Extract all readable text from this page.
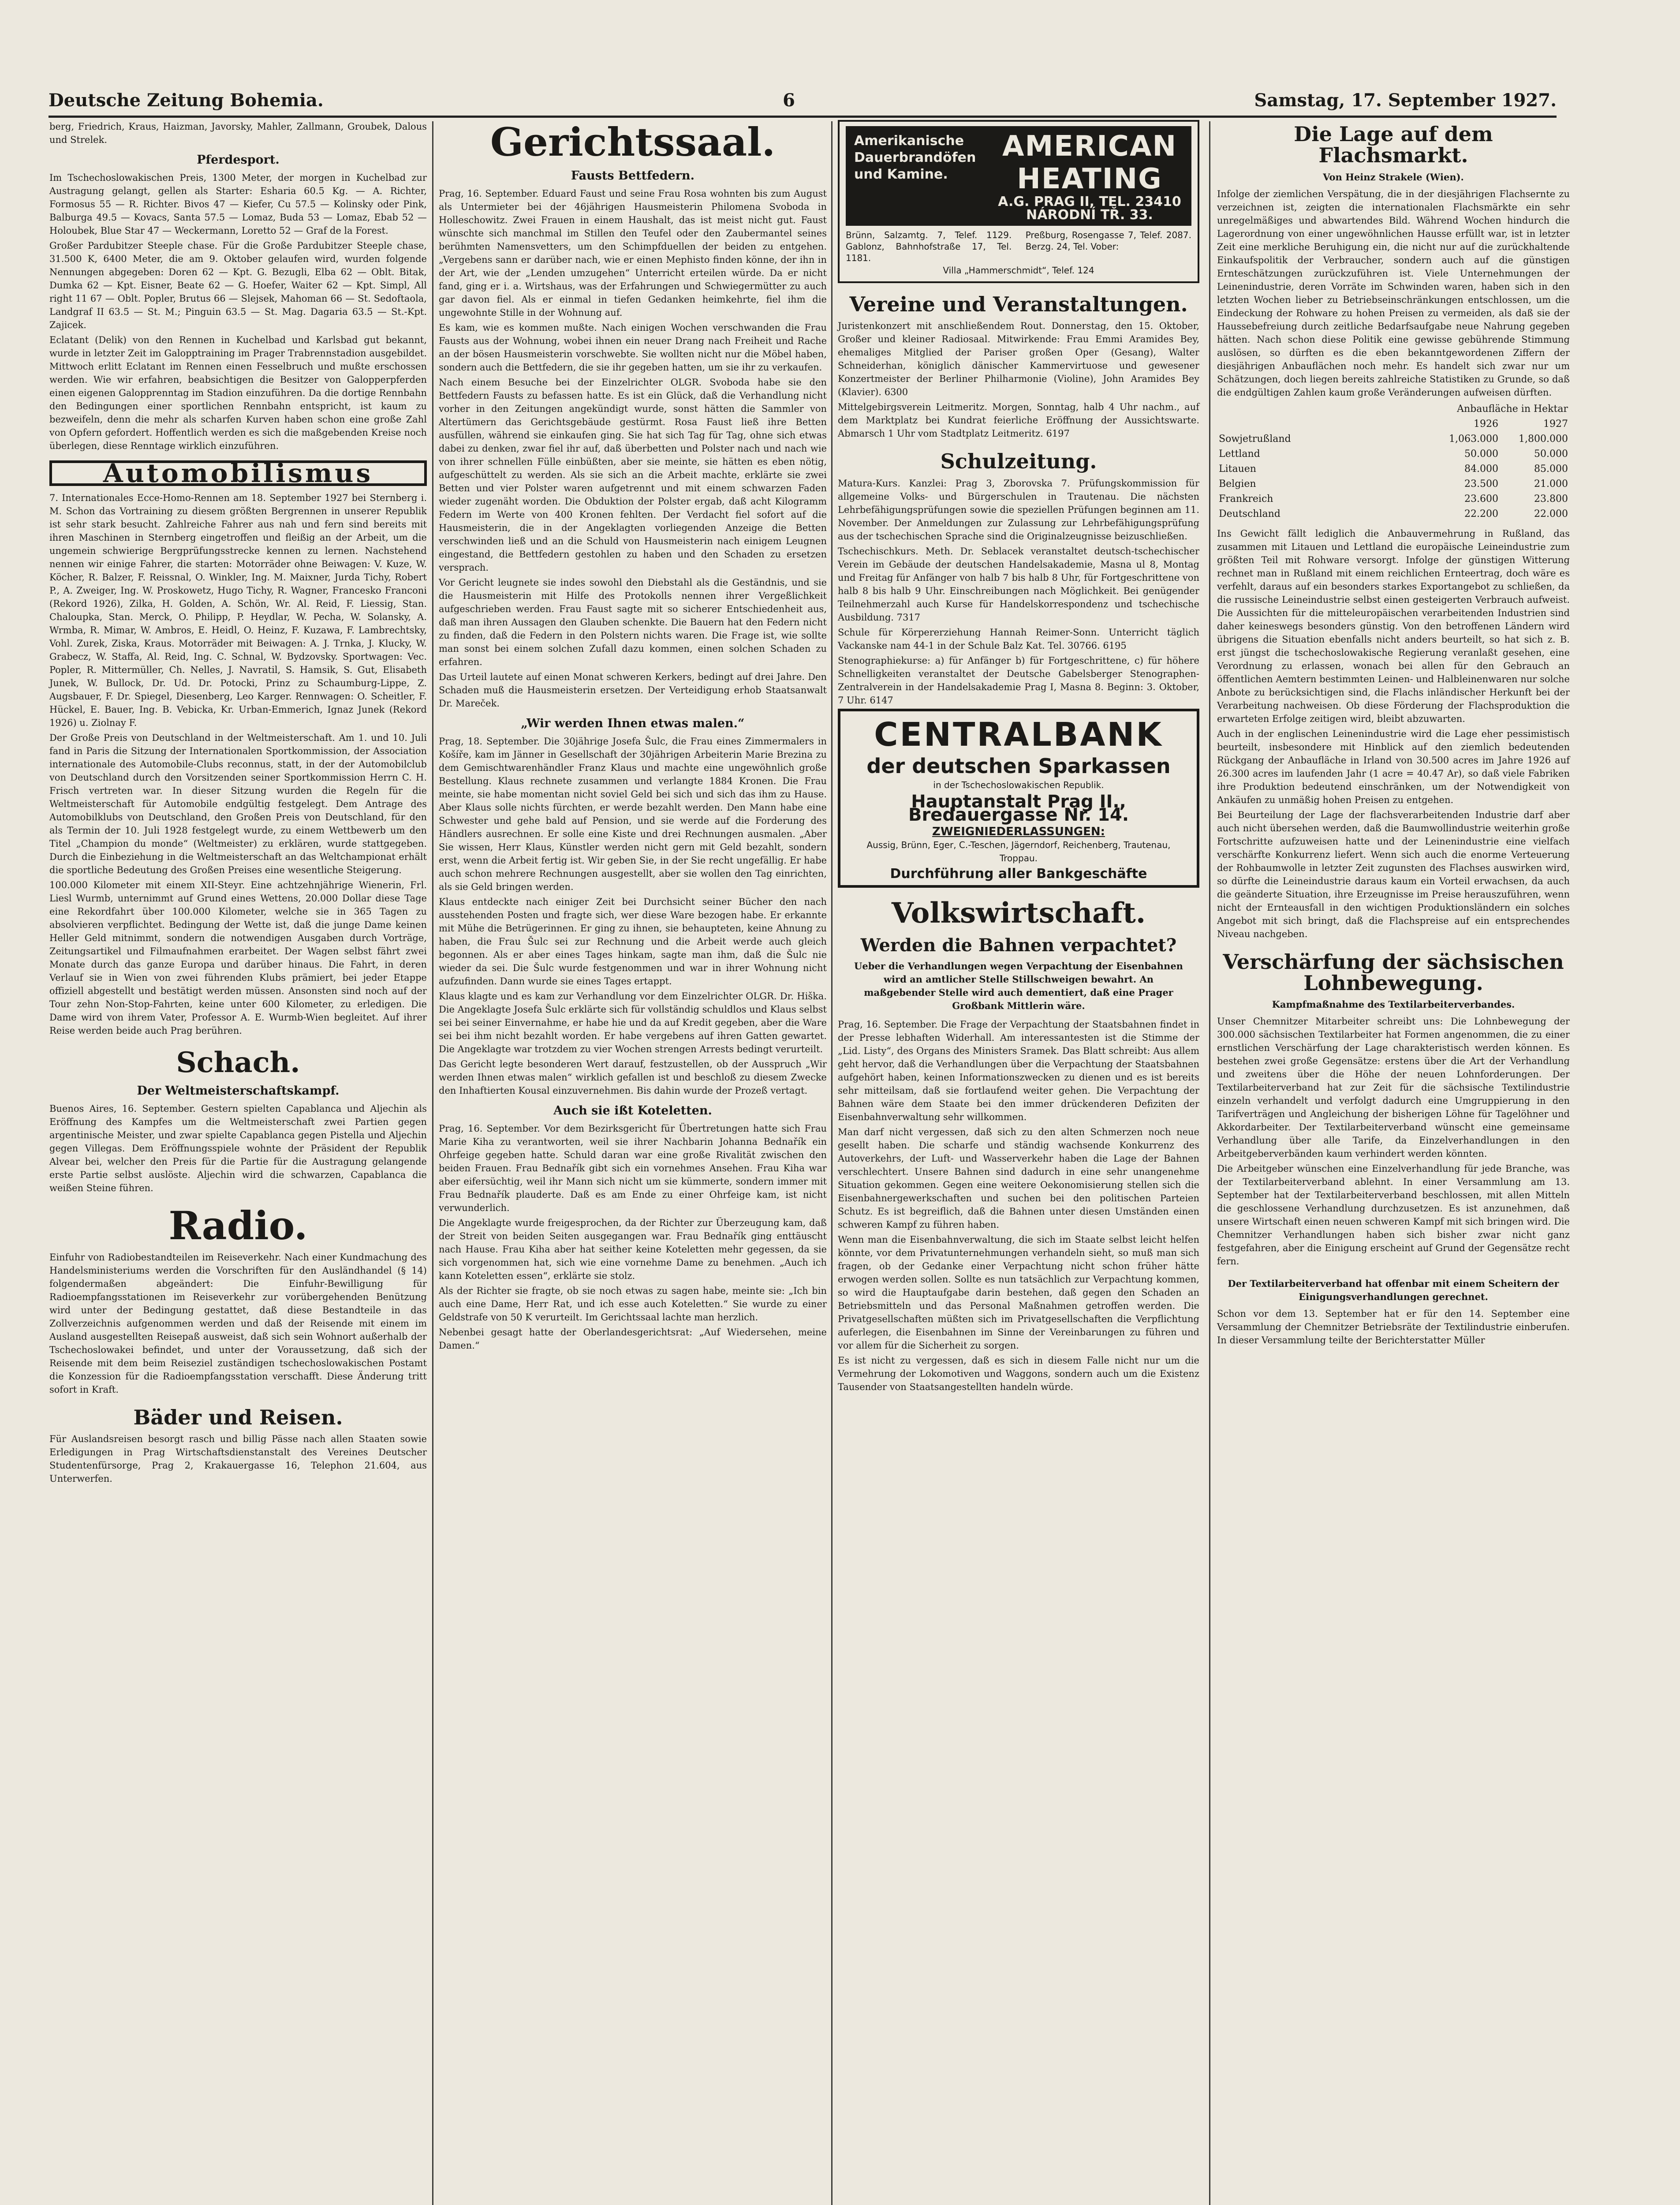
Deutsche Zeitung Bohemia.	6	Samstag, 17. September 1927.

berg, Friedrich, Kraus, Haizman, Javorsky, Mahler, Zallmann, Groubek, Dalous und Strelek.

Pferdesport.

Im Tschechoslowakischen Preis, 1300 Meter, der morgen in Kuchelbad zur Austragung gelangt, gellen als Starter: Esharia 60.5 Kg. — A. Richter, Formosus 55 — R. Richter. Bivos 47 — Kiefer, Cu 57.5 — Kolinsky oder Pink, Balburga 49.5 — Kovacs, Santa 57.5 — Lomaz, Buda 53 — Lomaz, Ebab 52 — Holoubek, Blue Star 47 — Weckermann, Loretto 52 — Graf de la Forest.

Großer Pardubitzer Steeple chase. Für die Große Pardubitzer Steeple chase, 31.500 K, 6400 Meter, die am 9. Oktober gelaufen wird, wurden folgende Nennungen abgegeben: Doren 62 — Kpt. G. Bezugli, Elba 62 — Oblt. Bitak, Dumka 62 — Kpt. Eisner, Beate 62 — G. Hoefer, Waiter 62 — Kpt. Simpl, All right 11 67 — Oblt. Popler, Brutus 66 — Slejsek, Mahoman 66 — St. Sedoftaola, Landgraf II 63.5 — St. M.; Pinguin 63.5 — St. Mag. Dagaria 63.5 — St.-Kpt. Zajicek.

Eclatant (Delik) von den Rennen in Kuchelbad und Karlsbad gut bekannt, wurde in letzter Zeit im Galopptraining im Prager Trabrennstadion ausgebildet. Mittwoch erlitt Eclatant im Rennen einen Fesselbruch und mußte erschossen werden. Wie wir erfahren, beabsichtigen die Besitzer von Galopperpferden einen eigenen Galopprenntag im Stadion einzuführen. Da die dortige Rennbahn den Bedingungen einer sportlichen Rennbahn entspricht, ist kaum zu bezweifeln, denn die mehr als scharfen Kurven haben schon eine große Zahl von Opfern gefordert. Hoffentlich werden es sich die maßgebenden Kreise noch überlegen, diese Renntage wirklich einzuführen.

Automobilismus

7. Internationales Ecce-Homo-Rennen am 18. September 1927 bei Sternberg i. M. Schon das Vortraining zu diesem größten Bergrennen in unserer Republik ist sehr stark besucht. Zahlreiche Fahrer aus nah und fern sind bereits mit ihren Maschinen in Sternberg eingetroffen und fleißig an der Arbeit, um die ungemein schwierige Bergprüfungsstrecke kennen zu lernen. Nachstehend nennen wir einige Fahrer, die starten: Motorräder ohne Beiwagen: V. Kuze, W. Köcher, R. Balzer, F. Reissnal, O. Winkler, Ing. M. Maixner, Jurda Tichy, Robert P., A. Zweiger, Ing. W. Proskowetz, Hugo Tichy, R. Wagner, Francesko Franconi (Rekord 1926), Zilka, H. Golden, A. Schön, Wr. Al. Reid, F. Liessig, Stan. Chaloupka, Stan. Merck, O. Philipp, P. Heydlar, W. Pecha, W. Solansky, A. Wrmba, R. Mimar, W. Ambros, E. Heidl, O. Heinz, F. Kuzawa, F. Lambrechtsky, Vohl. Zurek, Ziska, Kraus. Motorräder mit Beiwagen: A. J. Trnka, J. Klucky, W. Grabecz, W. Staffa, Al. Reid, Ing. C. Schnal, W. Bydzovsky. Sportwagen: Vec. Popler, R. Mittermüller, Ch. Nelles, J. Navratil, S. Hamsik, S. Gut, Elisabeth Junek, W. Bullock, Dr. Ud. Dr. Potocki, Prinz zu Schaumburg-Lippe, Z. Augsbauer, F. Dr. Spiegel, Diesenberg, Leo Karger. Rennwagen: O. Scheitler, F. Hückel, E. Bauer, Ing. B. Vebicka, Kr. Urban-Emmerich, Ignaz Junek (Rekord 1926) u. Ziolnay F.

Der Große Preis von Deutschland in der Weltmeisterschaft. Am 1. und 10. Juli fand in Paris die Sitzung der Internationalen Sportkommission, der Association internationale des Automobile-Clubs reconnus, statt, in der der Automobilclub von Deutschland durch den Vorsitzenden seiner Sportkommission Herrn C. H. Frisch vertreten war. In dieser Sitzung wurden die Regeln für die Weltmeisterschaft für Automobile endgültig festgelegt. Dem Antrage des Automobilklubs von Deutschland, den Großen Preis von Deutschland, für den als Termin der 10. Juli 1928 festgelegt wurde, zu einem Wettbewerb um den Titel „Champion du monde“ (Weltmeister) zu erklären, wurde stattgegeben. Durch die Einbeziehung in die Weltmeisterschaft an das Weltchampionat erhält die sportliche Bedeutung des Großen Preises eine wesentliche Steigerung.

100.000 Kilometer mit einem XII-Steyr. Eine achtzehnjährige Wienerin, Frl. Liesl Wurmb, unternimmt auf Grund eines Wettens, 20.000 Dollar diese Tage eine Rekordfahrt über 100.000 Kilometer, welche sie in 365 Tagen zu absolvieren verpflichtet. Bedingung der Wette ist, daß die junge Dame keinen Heller Geld mitnimmt, sondern die notwendigen Ausgaben durch Vorträge, Zeitungsartikel und Filmaufnahmen erarbeitet. Der Wagen selbst fährt zwei Monate durch das ganze Europa und darüber hinaus. Die Fahrt, in deren Verlauf sie in Wien von zwei führenden Klubs prämiert, bei jeder Etappe offiziell abgestellt und bestätigt werden müssen. Ansonsten sind noch auf der Tour zehn Non-Stop-Fahrten, keine unter 600 Kilometer, zu erledigen. Die Dame wird von ihrem Vater, Professor A. E. Wurmb-Wien begleitet. Auf ihrer Reise werden beide auch Prag berühren.

Schach.
Der Weltmeisterschaftskampf.

Buenos Aires, 16. September. Gestern spielten Capablanca und Aljechin als Eröffnung des Kampfes um die Weltmeisterschaft zwei Partien gegen argentinische Meister, und zwar spielte Capablanca gegen Pistella und Aljechin gegen Villegas. Dem Eröffnungsspiele wohnte der Präsident der Republik Alvear bei, welcher den Preis für die Partie für die Austragung gelangende erste Partie selbst auslöste. Aljechin wird die schwarzen, Capablanca die weißen Steine führen.

Radio.

Einfuhr von Radiobestandteilen im Reiseverkehr. Nach einer Kundmachung des Handelsministeriums werden die Vorschriften für den Ausländhandel (§ 14) folgendermaßen abgeändert: Die Einfuhr-Bewilligung für Radioempfangsstationen im Reiseverkehr zur vorübergehenden Benützung wird unter der Bedingung gestattet, daß diese Bestandteile in das Zollverzeichnis aufgenommen werden und daß der Reisende mit einem im Ausland ausgestellten Reisepaß ausweist, daß sich sein Wohnort außerhalb der Tschechoslowakei befindet, und unter der Voraussetzung, daß sich der Reisende mit dem beim Reiseziel zuständigen tschechoslowakischen Postamt die Konzession für die Radioempfangsstation verschafft. Diese Änderung tritt sofort in Kraft.

Bäder und Reisen.

Für Auslandsreisen besorgt rasch und billig Pässe nach allen Staaten sowie Erledigungen in Prag Wirtschaftsdienstanstalt des Vereines Deutscher Studentenfürsorge, Prag 2, Krakauergasse 16, Telephon 21.604, aus Unterwerfen.

Gerichtssaal.
Fausts Bettfedern.

Prag, 16. September. Eduard Faust und seine Frau Rosa wohnten bis zum August als Untermieter bei der 46jährigen Hausmeisterin Philomena Svoboda in Holleschowitz. Zwei Frauen in einem Haushalt, das ist meist nicht gut. Faust wünschte sich manchmal im Stillen den Teufel oder den Zaubermantel seines berühmten Namensvetters, um den Schimpfduellen der beiden zu entgehen. „Vergebens sann er darüber nach, wie er einen Mephisto finden könne, der ihn in der Art, wie der „Lenden umzugehen“ Unterricht erteilen würde. Da er nicht fand, ging er i. a. Wirtshaus, was der Erfahrungen und Schwiegermütter zu auch gar davon fiel. Als er einmal in tiefen Gedanken heimkehrte, fiel ihm die ungewohnte Stille in der Wohnung auf.

Es kam, wie es kommen mußte. Nach einigen Wochen verschwanden die Frau Fausts aus der Wohnung, wobei ihnen ein neuer Drang nach Freiheit und Rache an der bösen Hausmeisterin vorschwebte. Sie wollten nicht nur die Möbel haben, sondern auch die Bettfedern, die sie ihr gegeben hatten, um sie ihr zu verkaufen.

Nach einem Besuche bei der Einzelrichter OLGR. Svoboda habe sie den Bettfedern Fausts zu befassen hatte. Es ist ein Glück, daß die Verhandlung nicht vorher in den Zeitungen angekündigt wurde, sonst hätten die Sammler von Altertümern das Gerichtsgebäude gestürmt. Rosa Faust ließ ihre Betten ausfüllen, während sie einkaufen ging. Sie hat sich Tag für Tag, ohne sich etwas dabei zu denken, zwar fiel ihr auf, daß überbetten und Polster nach und nach wie von ihrer schnellen Fülle einbüßten, aber sie meinte, sie hätten es eben nötig, aufgeschüttelt zu werden. Als sie sich an die Arbeit machte, erklärte sie zwei Betten und vier Polster waren aufgetrennt und mit einem schwarzen Faden wieder zugenäht worden. Die Obduktion der Polster ergab, daß acht Kilogramm Federn im Werte von 400 Kronen fehlten. Der Verdacht fiel sofort auf die Hausmeisterin, die in der Angeklagten vorliegenden Anzeige die Betten verschwinden ließ und an die Schuld von Hausmeisterin nach einigem Leugnen eingestand, die Bettfedern gestohlen zu haben und den Schaden zu ersetzen versprach.

Vor Gericht leugnete sie indes sowohl den Diebstahl als die Geständnis, und sie die Hausmeisterin mit Hilfe des Protokolls nennen ihrer Vergeßlichkeit aufgeschrieben werden. Frau Faust sagte mit so sicherer Entschiedenheit aus, daß man ihren Aussagen den Glauben schenkte. Die Bauern hat den Federn nicht zu finden, daß die Federn in den Polstern nichts waren. Die Frage ist, wie sollte man sonst bei einem solchen Zufall dazu kommen, einen solchen Schaden zu erfahren.

Das Urteil lautete auf einen Monat schweren Kerkers, bedingt auf drei Jahre. Den Schaden muß die Hausmeisterin ersetzen. Der Verteidigung erhob Staatsanwalt Dr. Mareček.

„Wir werden Ihnen etwas malen.“

Prag, 18. September. Die 30jährige Josefa Šulc, die Frau eines Zimmermalers in Košíře, kam im Jänner in Gesellschaft der 30jährigen Arbeiterin Marie Brezina zu dem Gemischtwarenhändler Franz Klaus und machte eine ungewöhnlich große Bestellung. Klaus rechnete zusammen und verlangte 1884 Kronen. Die Frau meinte, sie habe momentan nicht soviel Geld bei sich und sich das ihm zu Hause. Aber Klaus solle nichts fürchten, er werde bezahlt werden. Den Mann habe eine Schwester und gehe bald auf Pension, und sie werde auf die Forderung des Händlers ausrechnen. Er solle eine Kiste und drei Rechnungen ausmalen. „Aber Sie wissen, Herr Klaus, Künstler werden nicht gern mit Geld bezahlt, sondern erst, wenn die Arbeit fertig ist. Wir geben Sie, in der Sie recht ungefällig. Er habe auch schon mehrere Rechnungen ausgestellt, aber sie wollen den Tag einrichten, als sie Geld bringen werden.

Klaus entdeckte nach einiger Zeit bei Durchsicht seiner Bücher den nach ausstehenden Posten und fragte sich, wer diese Ware bezogen habe. Er erkannte mit Mühe die Betrügerinnen. Er ging zu ihnen, sie behaupteten, keine Ahnung zu haben, die Frau Šulc sei zur Rechnung und die Arbeit werde auch gleich begonnen. Als er aber eines Tages hinkam, sagte man ihm, daß die Šulc nie wieder da sei. Die Šulc wurde festgenommen und war in ihrer Wohnung nicht aufzufinden. Dann wurde sie eines Tages ertappt.

Klaus klagte und es kam zur Verhandlung vor dem Einzelrichter OLGR. Dr. Hiška. Die Angeklagte Josefa Šulc erklärte sich für vollständig schuldlos und Klaus selbst sei bei seiner Einvernahme, er habe hie und da auf Kredit gegeben, aber die Ware sei bei ihm nicht bezahlt worden. Er habe vergebens auf ihren Gatten gewartet. Die Angeklagte war trotzdem zu vier Wochen strengen Arrests bedingt verurteilt.

Das Gericht legte besonderen Wert darauf, festzustellen, ob der Ausspruch „Wir werden Ihnen etwas malen“ wirklich gefallen ist und beschloß zu diesem Zwecke den Inhaftierten Kousal einzuvernehmen. Bis dahin wurde der Prozeß vertagt.

Auch sie ißt Koteletten.

Prag, 16. September. Vor dem Bezirksgericht für Übertretungen hatte sich Frau Marie Kiha zu verantworten, weil sie ihrer Nachbarin Johanna Bednařík ein Ohrfeige gegeben hatte. Schuld daran war eine große Rivalität zwischen den beiden Frauen. Frau Bednařík gibt sich ein vornehmes Ansehen. Frau Kiha war aber eifersüchtig, weil ihr Mann sich nicht um sie kümmerte, sondern immer mit Frau Bednařík plauderte. Daß es am Ende zu einer Ohrfeige kam, ist nicht verwunderlich.

Die Angeklagte wurde freigesprochen, da der Richter zur Überzeugung kam, daß der Streit von beiden Seiten ausgegangen war. Frau Bednařík ging enttäuscht nach Hause. Frau Kiha aber hat seither keine Koteletten mehr gegessen, da sie sich vorgenommen hat, sich wie eine vornehme Dame zu benehmen. „Auch ich kann Koteletten essen“, erklärte sie stolz.

Als der Richter sie fragte, ob sie noch etwas zu sagen habe, meinte sie: „Ich bin auch eine Dame, Herr Rat, und ich esse auch Koteletten.“ Sie wurde zu einer Geldstrafe von 50 K verurteilt. Im Gerichtssaal lachte man herzlich.

Nebenbei gesagt hatte der Oberlandesgerichtsrat: „Auf Wiedersehen, meine Damen.“

Amerikanische
Dauerbrandöfen
und Kamine.
AMERICAN HEATING
A.G. PRAG II, TEL. 23410
NÁRODNÍ TŘ. 33.
Brünn, Salzamtg. 7, Telef. 1129. Gablonz, Bahnhofstraße 17, Tel. 1181.
Preßburg, Rosengasse 7, Telef. 2087. Berzg. 24, Tel. Vober:
Villa „Hammerschmidt“, Telef. 124
Vereine und Veranstaltungen.

Juristenkonzert mit anschließendem Rout. Donnerstag, den 15. Oktober, Großer und kleiner Radiosaal. Mitwirkende: Frau Emmi Aramides Bey, ehemaliges Mitglied der Pariser großen Oper (Gesang), Walter Schneiderhan, königlich dänischer Kammervirtuose und gewesener Konzertmeister der Berliner Philharmonie (Violine), John Aramides Bey (Klavier). 6300

Mittelgebirgsverein Leitmeritz. Morgen, Sonntag, halb 4 Uhr nachm., auf dem Marktplatz bei Kundrat feierliche Eröffnung der Aussichtswarte. Abmarsch 1 Uhr vom Stadtplatz Leitmeritz. 6197

Schulzeitung.

Matura-Kurs. Kanzlei: Prag 3, Zborovska 7. Prüfungskommission für allgemeine Volks- und Bürgerschulen in Trautenau. Die nächsten Lehrbefähigungsprüfungen sowie die speziellen Prüfungen beginnen am 11. November. Der Anmeldungen zur Zulassung zur Lehrbefähigungsprüfung aus der tschechischen Sprache sind die Originalzeugnisse beizuschließen.

Tschechischkurs. Meth. Dr. Seblacek veranstaltet deutsch-tschechischer Verein im Gebäude der deutschen Handelsakademie, Masna ul 8, Montag und Freitag für Anfänger von halb 7 bis halb 8 Uhr, für Fortgeschrittene von halb 8 bis halb 9 Uhr. Einschreibungen nach Möglichkeit. Bei genügender Teilnehmerzahl auch Kurse für Handelskorrespondenz und tschechische Ausbildung. 7317

Schule für Körpererziehung Hannah Reimer-Sonn. Unterricht täglich Vackanske nam 44-1 in der Schule Balz Kat. Tel. 30766. 6195

Stenographiekurse: a) für Anfänger b) für Fortgeschrittene, c) für höhere Schnelligkeiten veranstaltet der Deutsche Gabelsberger Stenographen-Zentralverein in der Handelsakademie Prag I, Masna 8. Beginn: 3. Oktober, 7 Uhr. 6147

CENTRALBANK
der deutschen Sparkassen
in der Tschechoslowakischen Republik.
Hauptanstalt Prag II., Bredauergasse Nr. 14.
ZWEIGNIEDERLASSUNGEN:
Aussig, Brünn, Eger, C.-Teschen, Jägerndorf, Reichenberg, Trautenau, Troppau.
Durchführung aller Bankgeschäfte
Volkswirtschaft.
Werden die Bahnen verpachtet?

Ueber die Verhandlungen wegen Verpachtung der Eisenbahnen wird an amtlicher Stelle Stillschweigen bewahrt. An maßgebender Stelle wird auch dementiert, daß eine Prager Großbank Mittlerin wäre.

Prag, 16. September. Die Frage der Verpachtung der Staatsbahnen findet in der Presse lebhaften Widerhall. Am interessantesten ist die Stimme der „Lid. Listy“, des Organs des Ministers Sramek. Das Blatt schreibt: Aus allem geht hervor, daß die Verhandlungen über die Verpachtung der Staatsbahnen aufgehört haben, keinen Informationszwecken zu dienen und es ist bereits sehr mitteilsam, daß sie fortlaufend weiter gehen. Die Verpachtung der Bahnen wäre dem Staate bei den immer drückenderen Defiziten der Eisenbahnverwaltung sehr willkommen.

Man darf nicht vergessen, daß sich zu den alten Schmerzen noch neue gesellt haben. Die scharfe und ständig wachsende Konkurrenz des Autoverkehrs, der Luft- und Wasserverkehr haben die Lage der Bahnen verschlechtert. Unsere Bahnen sind dadurch in eine sehr unangenehme Situation gekommen. Gegen eine weitere Oekonomisierung stellen sich die Eisenbahnergewerkschaften und suchen bei den politischen Parteien Schutz. Es ist begreiflich, daß die Bahnen unter diesen Umständen einen schweren Kampf zu führen haben.

Wenn man die Eisenbahnverwaltung, die sich im Staate selbst leicht helfen könnte, vor dem Privatunternehmungen verhandeln sieht, so muß man sich fragen, ob der Gedanke einer Verpachtung nicht schon früher hätte erwogen werden sollen. Sollte es nun tatsächlich zur Verpachtung kommen, so wird die Hauptaufgabe darin bestehen, daß gegen den Schaden an Betriebsmitteln und das Personal Maßnahmen getroffen werden. Die Privatgesellschaften müßten sich im Privatgesellschaften die Verpflichtung auferlegen, die Eisenbahnen im Sinne der Vereinbarungen zu führen und vor allem für die Sicherheit zu sorgen.

Es ist nicht zu vergessen, daß es sich in diesem Falle nicht nur um die Vermehrung der Lokomotiven und Waggons, sondern auch um die Existenz Tausender von Staatsangestellten handeln würde.

Die Lage auf dem Flachsmarkt.
Von Heinz Strakele (Wien).

Infolge der ziemlichen Verspätung, die in der diesjährigen Flachsernte zu verzeichnen ist, zeigten die internationalen Flachsmärkte ein sehr unregelmäßiges und abwartendes Bild. Während Wochen hindurch die Lagerordnung von einer ungewöhnlichen Hausse erfüllt war, ist in letzter Zeit eine merkliche Beruhigung ein, die nicht nur auf die zurückhaltende Einkaufspolitik der Verbraucher, sondern auch auf die günstigen Ernteschätzungen zurückzuführen ist. Viele Unternehmungen der Leinenindustrie, deren Vorräte im Schwinden waren, haben sich in den letzten Wochen lieber zu Betriebseinschränkungen entschlossen, um die Eindeckung der Rohware zu hohen Preisen zu vermeiden, als daß sie der Haussebefreiung durch zeitliche Bedarfsaufgabe neue Nahrung gegeben hätten. Nach schon diese Politik eine gewisse gebührende Stimmung auslösen, so dürften es die eben bekanntgewordenen Ziffern der diesjährigen Anbauflächen noch mehr. Es handelt sich zwar nur um Schätzungen, doch liegen bereits zahlreiche Statistiken zu Grunde, so daß die endgültigen Zahlen kaum große Veränderungen aufweisen dürften.

Anbaufläche in Hektar		
	1926	1927
Sowjetrußland	1,063.000	1,800.000
Lettland	50.000	50.000
Litauen	84.000	85.000
Belgien	23.500	21.000
Frankreich	23.600	23.800
Deutschland	22.200	22.000

Ins Gewicht fällt lediglich die Anbauvermehrung in Rußland, das zusammen mit Litauen und Lettland die europäische Leineindustrie zum größten Teil mit Rohware versorgt. Infolge der günstigen Witterung rechnet man in Rußland mit einem reichlichen Ernteertrag, doch wäre es verfehlt, daraus auf ein besonders starkes Exportangebot zu schließen, da die russische Leineindustrie selbst einen gesteigerten Verbrauch aufweist. Die Aussichten für die mitteleuropäischen verarbeitenden Industrien sind daher keineswegs besonders günstig. Von den betroffenen Ländern wird übrigens die Situation ebenfalls nicht anders beurteilt, so hat sich z. B. erst jüngst die tschechoslowakische Regierung veranlaßt gesehen, eine Verordnung zu erlassen, wonach bei allen für den Gebrauch an öffentlichen Aemtern bestimmten Leinen- und Halbleinenwaren nur solche Anbote zu berücksichtigen sind, die Flachs inländischer Herkunft bei der Verarbeitung nachweisen. Ob diese Förderung der Flachsproduktion die erwarteten Erfolge zeitigen wird, bleibt abzuwarten.

Auch in der englischen Leinenindustrie wird die Lage eher pessimistisch beurteilt, insbesondere mit Hinblick auf den ziemlich bedeutenden Rückgang der Anbaufläche in Irland von 30.500 acres im Jahre 1926 auf 26.300 acres im laufenden Jahr (1 acre = 40.47 Ar), so daß viele Fabriken ihre Produktion bedeutend einschränken, um der Notwendigkeit von Ankäufen zu unmäßig hohen Preisen zu entgehen.

Bei Beurteilung der Lage der flachsverarbeitenden Industrie darf aber auch nicht übersehen werden, daß die Baumwollindustrie weiterhin große Fortschritte aufzuweisen hatte und der Leinenindustrie eine vielfach verschärfte Konkurrenz liefert. Wenn sich auch die enorme Verteuerung der Rohbaumwolle in letzter Zeit zugunsten des Flachses auswirken wird, so dürfte die Leineindustrie daraus kaum ein Vorteil erwachsen, da auch die geänderte Situation, ihre Erzeugnisse im Preise herauszuführen, wenn nicht der Ernteausfall in den wichtigen Produktionsländern ein solches Angebot mit sich bringt, daß die Flachspreise auf ein entsprechendes Niveau nachgeben.

Verschärfung der sächsischen Lohnbewegung.
Kampfmaßnahme des Textilarbeiterverbandes.

Unser Chemnitzer Mitarbeiter schreibt uns: Die Lohnbewegung der 300.000 sächsischen Textilarbeiter hat Formen angenommen, die zu einer ernstlichen Verschärfung der Lage charakteristisch werden können. Es bestehen zwei große Gegensätze: erstens über die Art der Verhandlung und zweitens über die Höhe der neuen Lohnforderungen. Der Textilarbeiterverband hat zur Zeit für die sächsische Textilindustrie einzeln verhandelt und verfolgt dadurch eine Umgruppierung in den Tarifverträgen und Angleichung der bisherigen Löhne für Tagelöhner und Akkordarbeiter. Der Textilarbeiterverband wünscht eine gemeinsame Verhandlung über alle Tarife, da Einzelverhandlungen in den Arbeitgeberverbänden kaum verhindert werden könnten.

Die Arbeitgeber wünschen eine Einzelverhandlung für jede Branche, was der Textilarbeiterverband ablehnt. In einer Versammlung am 13. September hat der Textilarbeiterverband beschlossen, mit allen Mitteln die geschlossene Verhandlung durchzusetzen. Es ist anzunehmen, daß unsere Wirtschaft einen neuen schweren Kampf mit sich bringen wird. Die Chemnitzer Verhandlungen haben sich bisher zwar nicht ganz festgefahren, aber die Einigung erscheint auf Grund der Gegensätze recht fern.

Der Textilarbeiterverband hat offenbar mit einem Scheitern der Einigungsverhandlungen gerechnet.

Schon vor dem 13. September hat er für den 14. September eine Versammlung der Chemnitzer Betriebsräte der Textilindustrie einberufen. In dieser Versammlung teilte der Berichterstatter Müller
